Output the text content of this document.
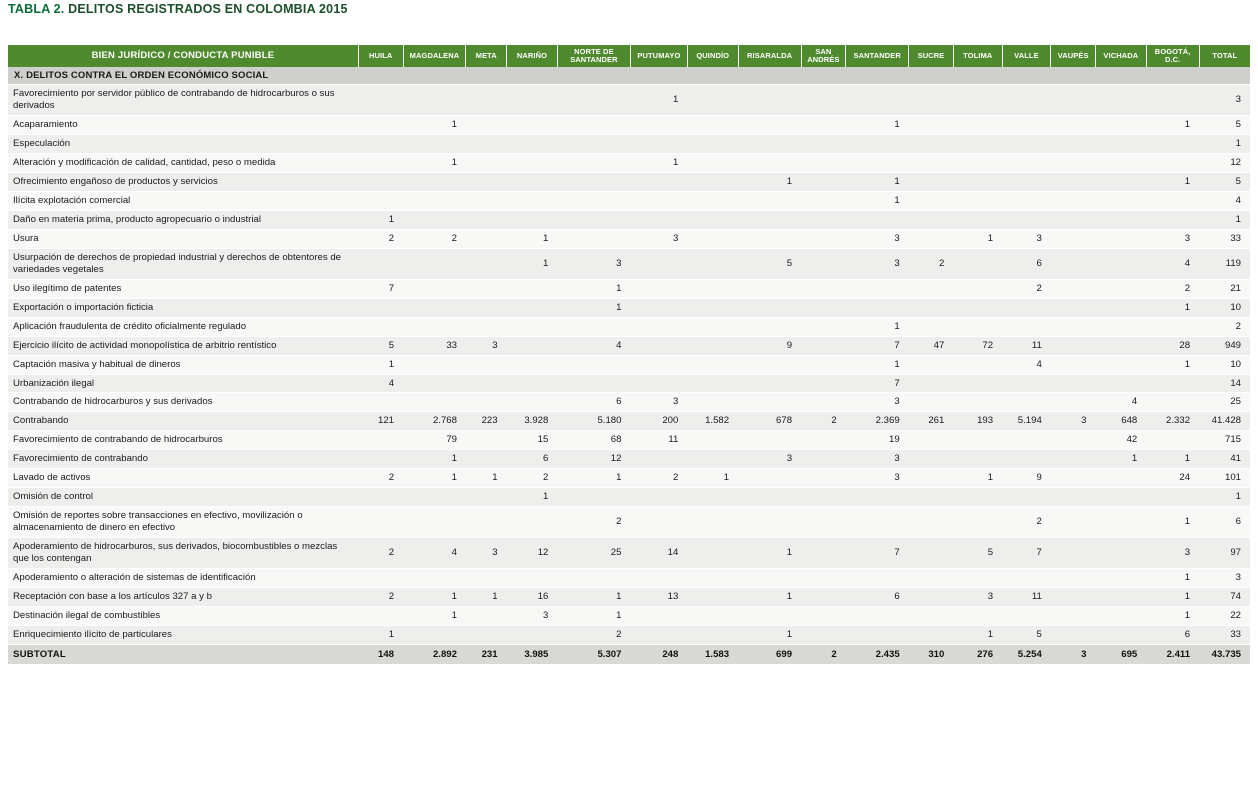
TABLA 2. DELITOS REGISTRADOS EN COLOMBIA 2015
BIEN JURÍDICO / CONDUCTA PUNIBLE	HUILA	MAGDALENA	META	NARIÑO	NORTE DE SANTANDER	PUTUMAYO	QUINDÍO	RISARALDA	SAN ANDRÉS	SANTANDER	SUCRE	TOLIMA	VALLE	VAUPÉS	VICHADA	BOGOTÁ, D.C.	TOTAL
X. DELITOS CONTRA EL ORDEN ECONÓMICO SOCIAL																	
Favorecimiento por servidor público de contrabando de hidrocarburos o sus derivados						1											3
Acaparamiento		1								1						1	5
Especulación																	1
Alteración y modificación de calidad, cantidad, peso o medida		1				1											12
Ofrecimiento engañoso de productos y servicios								1		1						1	5
Ilícita explotación comercial										1							4
Daño en materia prima, producto agropecuario o industrial	1																1
Usura	2	2		1		3				3		1	3			3	33
Usurpación de derechos de propiedad industrial y derechos de obtentores de variedades vegetales				1	3			5		3	2		6			4	119
Uso ilegítimo de patentes	7				1								2			2	21
Exportación o importación ficticia					1											1	10
Aplicación fraudulenta de crédito oficialmente regulado										1							2
Ejercicio ilícito de actividad monopolística de arbitrio rentístico	5	33	3		4			9		7	47	72	11			28	949
Captación masiva y habitual de dineros	1									1			4			1	10
Urbanización ilegal	4									7							14
Contrabando de hidrocarburos y sus derivados					6	3				3					4		25
Contrabando	121	2.768	223	3.928	5.180	200	1.582	678	2	2.369	261	193	5.194	3	648	2.332	41.428
Favorecimiento de contrabando de hidrocarburos		79		15	68	11				19					42		715
Favorecimiento de contrabando		1		6	12			3		3					1	1	41
Lavado de activos	2	1	1	2	1	2	1			3		1	9			24	101
Omisión de control				1													1
Omisión de reportes sobre transacciones en efectivo, movilización o almacenamiento de dinero en efectivo					2								2			1	6
Apoderamiento de hidrocarburos, sus derivados, biocombustibles o mezclas que los contengan	2	4	3	12	25	14		1		7		5	7			3	97
Apoderamiento o alteración de sistemas de identificación																1	3
Receptación con base a los artículos 327 a y b	2	1	1	16	1	13		1		6		3	11			1	74
Destinación ilegal de combustibles		1		3	1											1	22
Enriquecimiento ilícito de particulares	1				2			1				1	5			6	33
SUBTOTAL	148	2.892	231	3.985	5.307	248	1.583	699	2	2.435	310	276	5.254	3	695	2.411	43.735
